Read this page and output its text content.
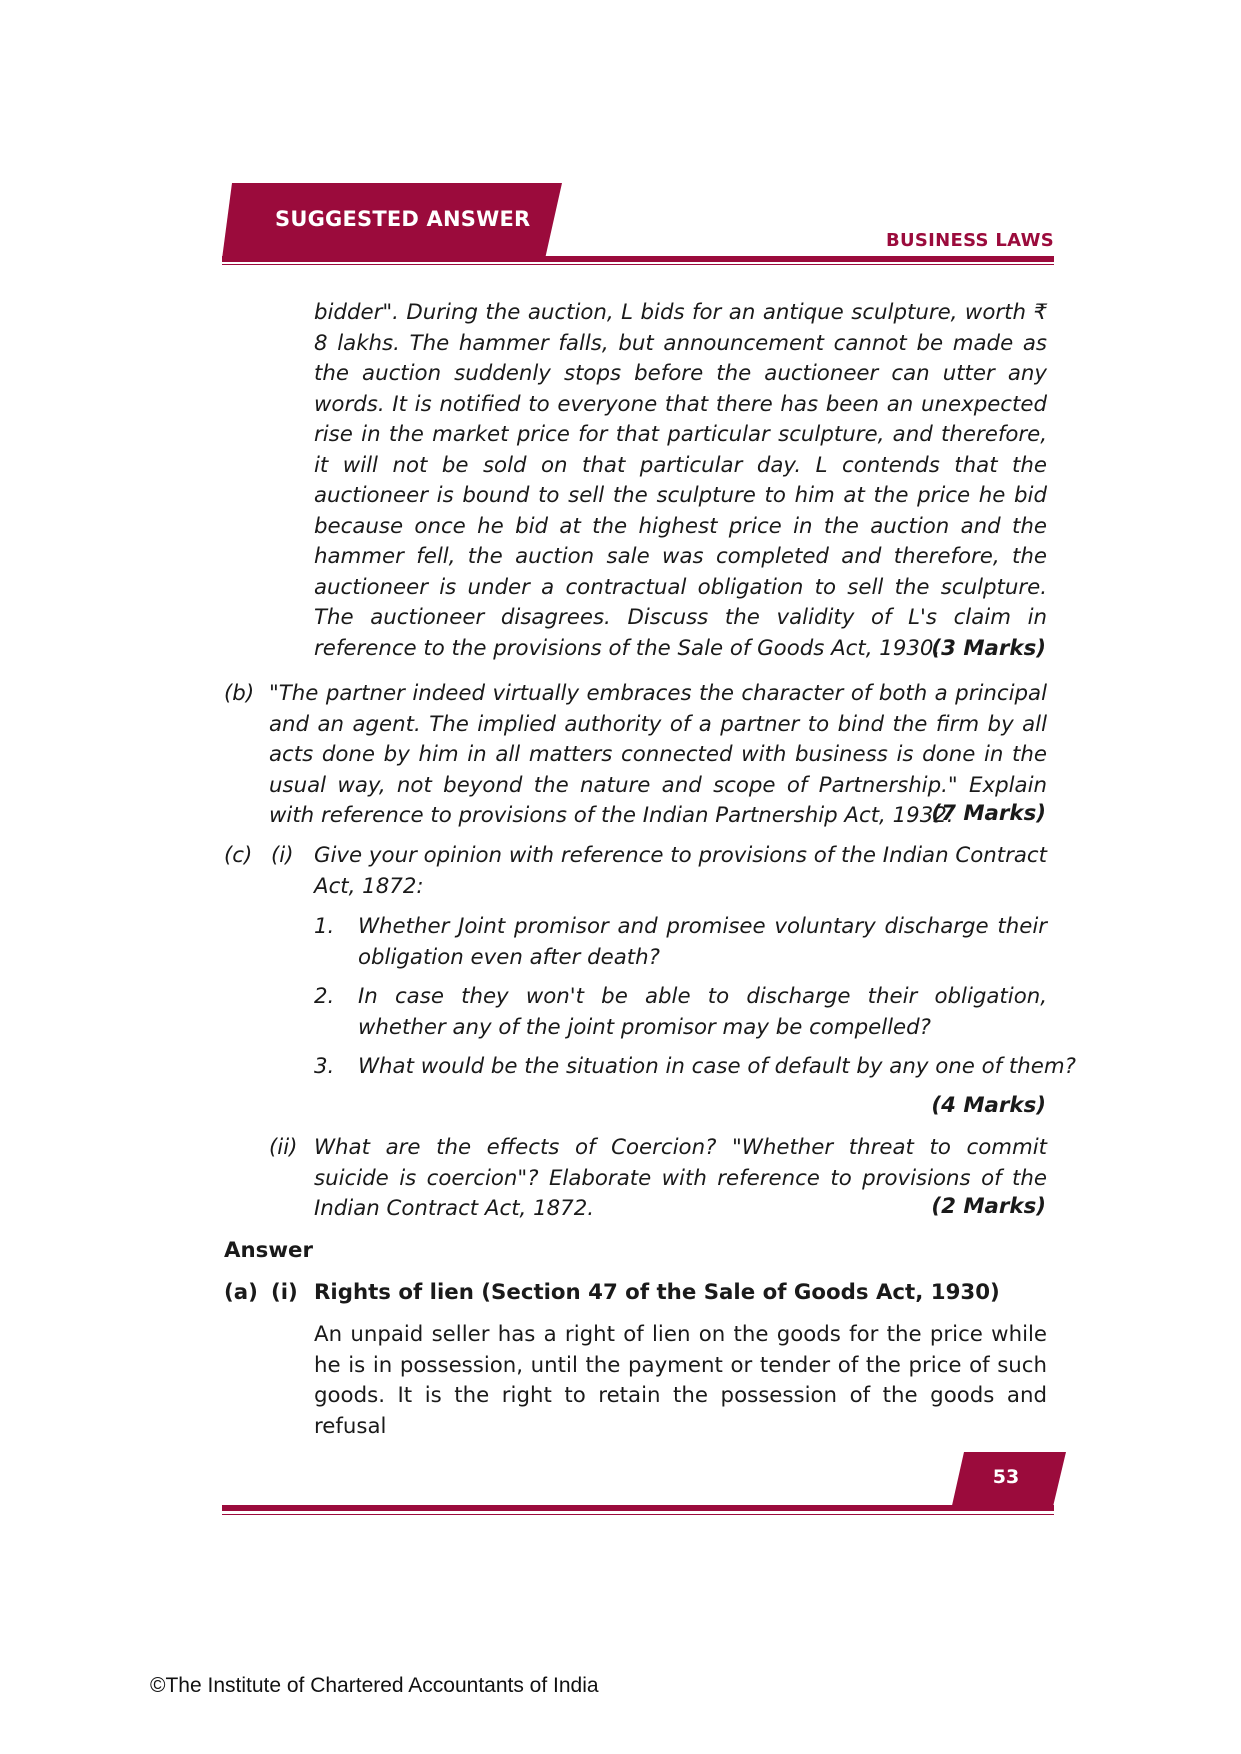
SUGGESTED ANSWER
BUSINESS LAWS
bidder". During the auction, L bids for an antique sculpture, worth ₹ 8 lakhs. The hammer falls, but announcement cannot be made as the auction suddenly stops before the auctioneer can utter any words. It is notified to everyone that there has been an unexpected rise in the market price for that particular sculpture, and therefore, it will not be sold on that particular day. L contends that the auctioneer is bound to sell the sculpture to him at the price he bid because once he bid at the highest price in the auction and the hammer fell, the auction sale was completed and therefore, the auctioneer is under a contractual obligation to sell the sculpture. The auctioneer disagrees. Discuss the validity of L's claim in reference to the provisions of the Sale of Goods Act, 1930.
(3 Marks)
(b) "The partner indeed virtually embraces the character of both a principal and an agent. The implied authority of a partner to bind the firm by all acts done by him in all matters connected with business is done in the usual way, not beyond the nature and scope of Partnership." Explain with reference to provisions of the Indian Partnership Act, 1932.
(7 Marks)
(c) (i) Give your opinion with reference to provisions of the Indian Contract Act, 1872:
1. Whether Joint promisor and promisee voluntary discharge their obligation even after death?
2. In case they won't be able to discharge their obligation, whether any of the joint promisor may be compelled?
3. What would be the situation in case of default by any one of them?
(4 Marks)
(ii) What are the effects of Coercion? "Whether threat to commit suicide is coercion"? Elaborate with reference to provisions of the Indian Contract Act, 1872.	(2 Marks)
Answer
(a) (i) Rights of lien (Section 47 of the Sale of Goods Act, 1930)
An unpaid seller has a right of lien on the goods for the price while he is in possession, until the payment or tender of the price of such goods. It is the right to retain the possession of the goods and refusal
53
©The Institute of Chartered Accountants of India
